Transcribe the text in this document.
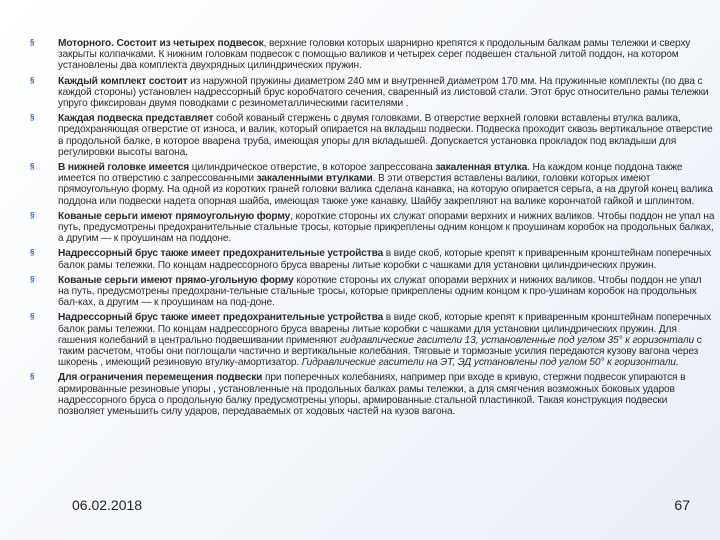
§	Моторного. Состоит из четырех подвесок, верхние головки которых шарнирно крепятся к продольным балкам рамы тележки и сверху закрыты колпачками. К нижним головкам подвесок с помощью валиков и четырех серег подвешен стальной литой поддон, на котором установлены два комплекта двухрядных цилиндрических пружин.
§	Каждый комплект состоит из наружной пружины диаметром 240 мм и внутренней диаметром 170 мм. На пружинные комплекты (по два с каждой стороны) установлен надрессорный брус коробчатого сечения, сваренный из листовой стали. Этот брус относительно рамы тележки упруго фиксирован двумя поводками с резинометаллическими гасителями .
§	Каждая подвеска представляет собой кованый стержень с двумя головками. В отверстие верхней головки вставлены втулка валика, предохраняющая отверстие от износа, и валик, который опирается на вкладыш подвески. Подвеска проходит сквозь вертикальное отверстие в продольной балке, в которое вварена труба, имеющая упоры для вкладышей. Допускается установка прокладок под вкладыши для регулировки высоты вагона.
§	В нижней головке имеется цилиндрическое отверстие, в которое запрессована закаленная втулка. На каждом конце поддона также имеется по отверстию с запрессованными закаленными втулками. В эти отверстия вставлены валики, головки которых имеют прямоугольную форму. На одной из коротких граней головки валика сделана канавка, на которую опирается серьга, а на другой конец валика поддона или подвески надета опорная шайба, имеющая также уже канавку. Шайбу закрепляют на валике корончатой гайкой и шплинтом.
§	Кованые серьги имеют прямоугольную форму, короткие стороны их служат опорами верхних и нижних валиков. Чтобы поддон не упал на путь, предусмотрены предохранительные стальные тросы, которые прикреплены одним концом к проушинам коробок на продольных балках, а другим — к проушинам на поддоне.
§	Надрессорный брус также имеет предохранительные устройства в виде скоб, которые крепят к приваренным кронштейнам поперечных балок рамы тележки. По концам надрессорного бруса вварены литые коробки с чашками для установки цилиндрических пружин.
§	Кованые серьги имеют прямо-угольную форму короткие стороны их служат опорами верхних и нижних валиков. Чтобы поддон не упал на путь, предусмотрены предохрани-тельные стальные тросы, которые прикреплены одним концом к про-ушинам коробок на продольных бал-ках, а другим — к проушинам на под-доне.
§	Надрессорный брус также имеет предохранительные устройства в виде скоб, которые крепят к приваренным кронштейнам поперечных балок рамы тележки. По концам надрессорного бруса вварены литые коробки с чашками для установки цилиндрических пружин. Для гашения колебаний в центрально подвешивании применяют гидравлические гасители 13, установленные под углом 35° к горизонтали с таким расчетом, чтобы они поглощали частично и вертикальные колебания. Тяговые и тормозные усилия передаются кузову вагона через шкорень , имеющий резиновую втулку-амортизатор. Гидравлические гасители на ЭТ, ЭД установлены под углом 50° к горизонтали.
§	Для ограничения перемещения подвески при поперечных колебаниях, например при входе в кривую, стержни подвесок упираются в армированные резиновые упоры , установленные на продольных балках рамы тележки, а для смягчения возможных боковых ударов надрессорного бруса о продольную балку предусмотрены упоры, армированные стальной пластинкой. Такая конструкция подвески позволяет уменьшить силу ударов, передаваемых от ходовых частей на кузов вагона.
06.02.2018	67
